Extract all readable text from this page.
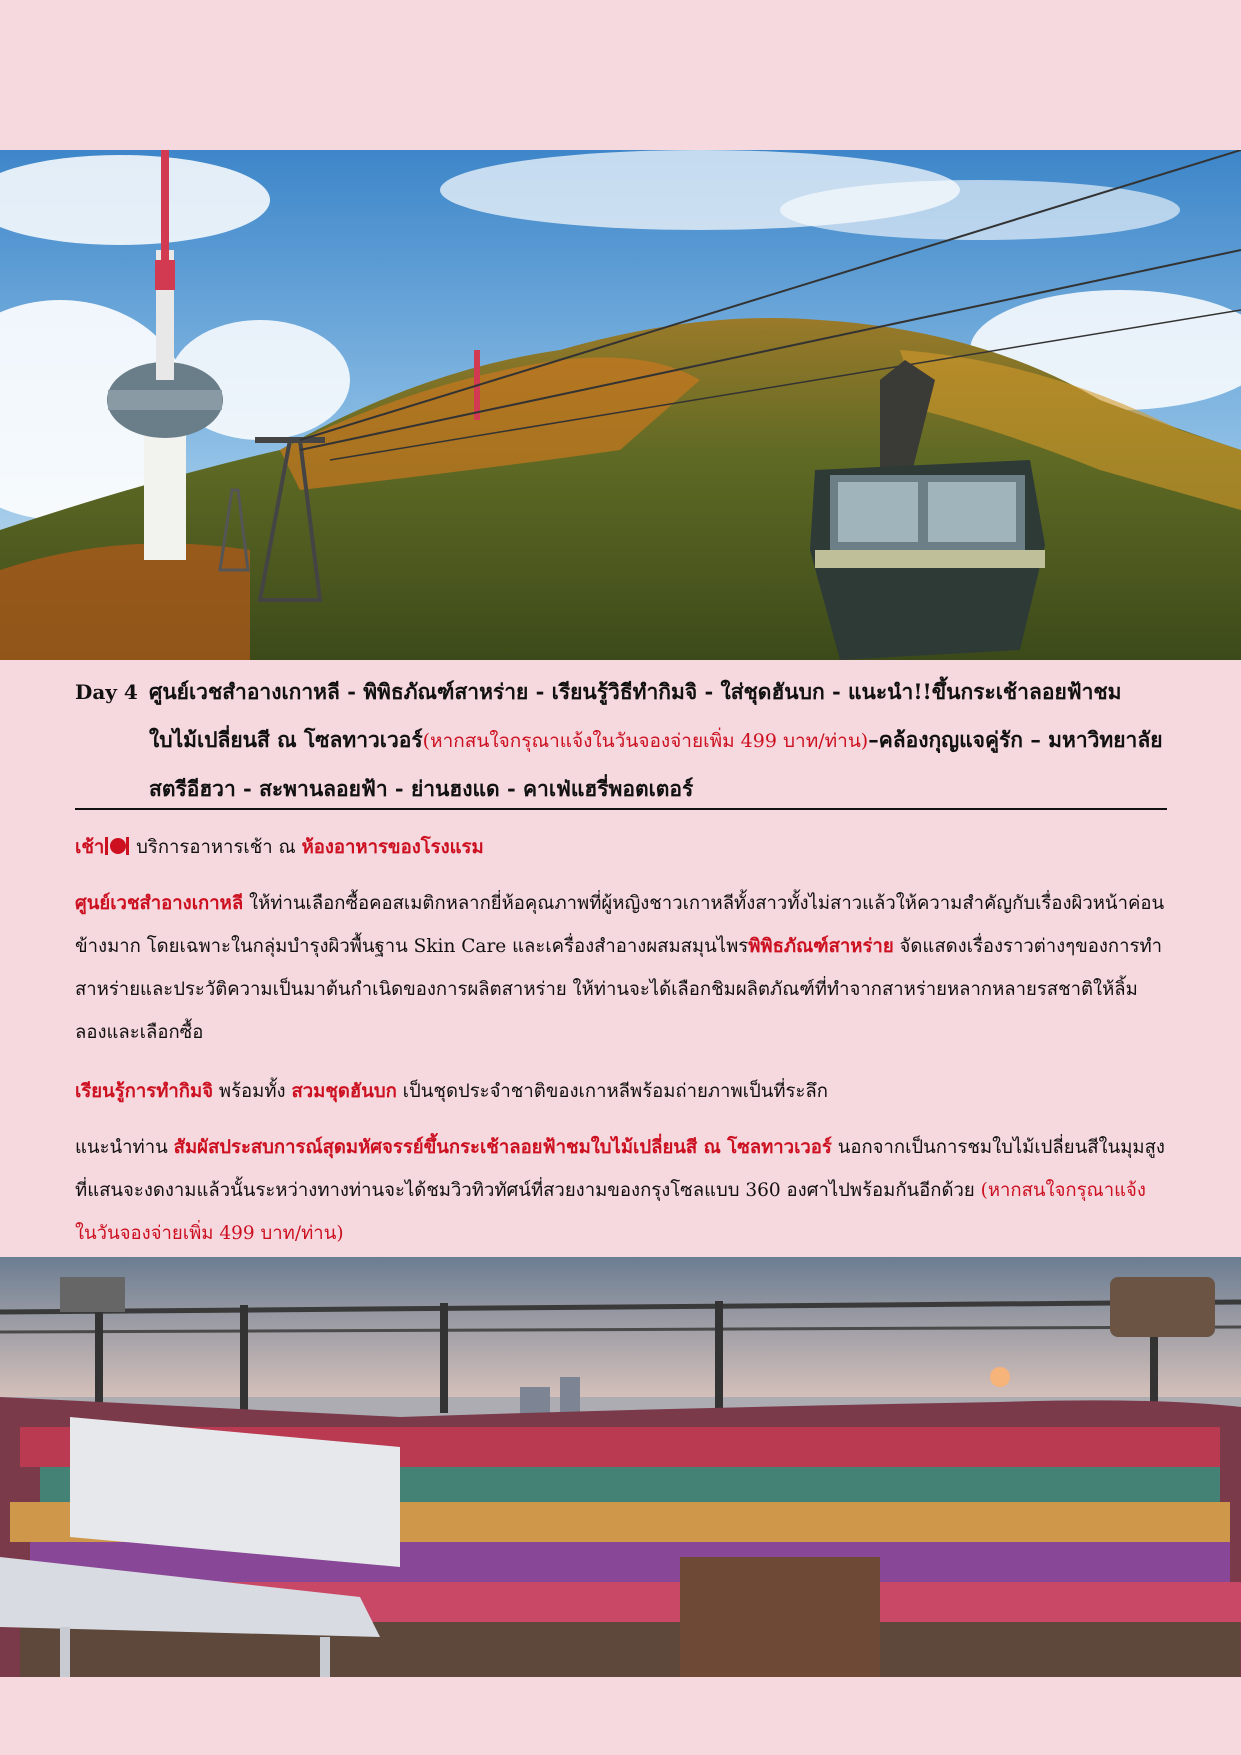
Day 4 ศูนย์เวชสำอางเกาหลี - พิพิธภัณฑ์สาหร่าย - เรียนรู้วิธีทำกิมจิ - ใส่ชุดฮันบก - แนะนำ!!ขึ้นกระเช้าลอยฟ้าชมใบไม้เปลี่ยนสี ณ โซลทาวเวอร์(หากสนใจกรุณาแจ้งในวันจองจ่ายเพิ่ม 499 บาท/ท่าน)–คล้องกุญแจคู่รัก – มหาวิทยาลัยสตรีอีฮวา - สะพานลอยฟ้า - ย่านฮงแด - คาเฟ่แฮรี่พอตเตอร์
เช้า บริการอาหารเช้า ณ ห้องอาหารของโรงแรม
ศูนย์เวชสำอางเกาหลี ให้ท่านเลือกซื้อคอสเมติกหลากยี่ห้อคุณภาพที่ผู้หญิงชาวเกาหลีทั้งสาวทั้งไม่สาวแล้วให้ความสำคัญกับเรื่องผิวหน้าค่อนข้างมาก โดยเฉพาะในกลุ่มบำรุงผิวพื้นฐาน Skin Care และเครื่องสำอางผสมสมุนไพรพิพิธภัณฑ์สาหร่าย จัดแสดงเรื่องราวต่างๆของการทำสาหร่ายและประวัติความเป็นมาต้นกำเนิดของการผลิตสาหร่าย ให้ท่านจะได้เลือกชิมผลิตภัณฑ์ที่ทำจากสาหร่ายหลากหลายรสชาติให้ลิ้มลองและเลือกซื้อ
เรียนรู้การทำกิมจิ พร้อมทั้ง สวมชุดฮันบก เป็นชุดประจำชาติของเกาหลีพร้อมถ่ายภาพเป็นที่ระลึก
แนะนำท่าน สัมผัสประสบการณ์สุดมหัศจรรย์ขึ้นกระเช้าลอยฟ้าชมใบไม้เปลี่ยนสี ณ โซลทาวเวอร์ นอกจากเป็นการชมใบไม้เปลี่ยนสีในมุมสูงที่แสนจะงดงามแล้วนั้นระหว่างทางท่านจะได้ชมวิวทิวทัศน์ที่สวยงามของกรุงโซลแบบ 360 องศาไปพร้อมกันอีกด้วย (หากสนใจกรุณาแจ้งในวันจองจ่ายเพิ่ม 499 บาท/ท่าน)
